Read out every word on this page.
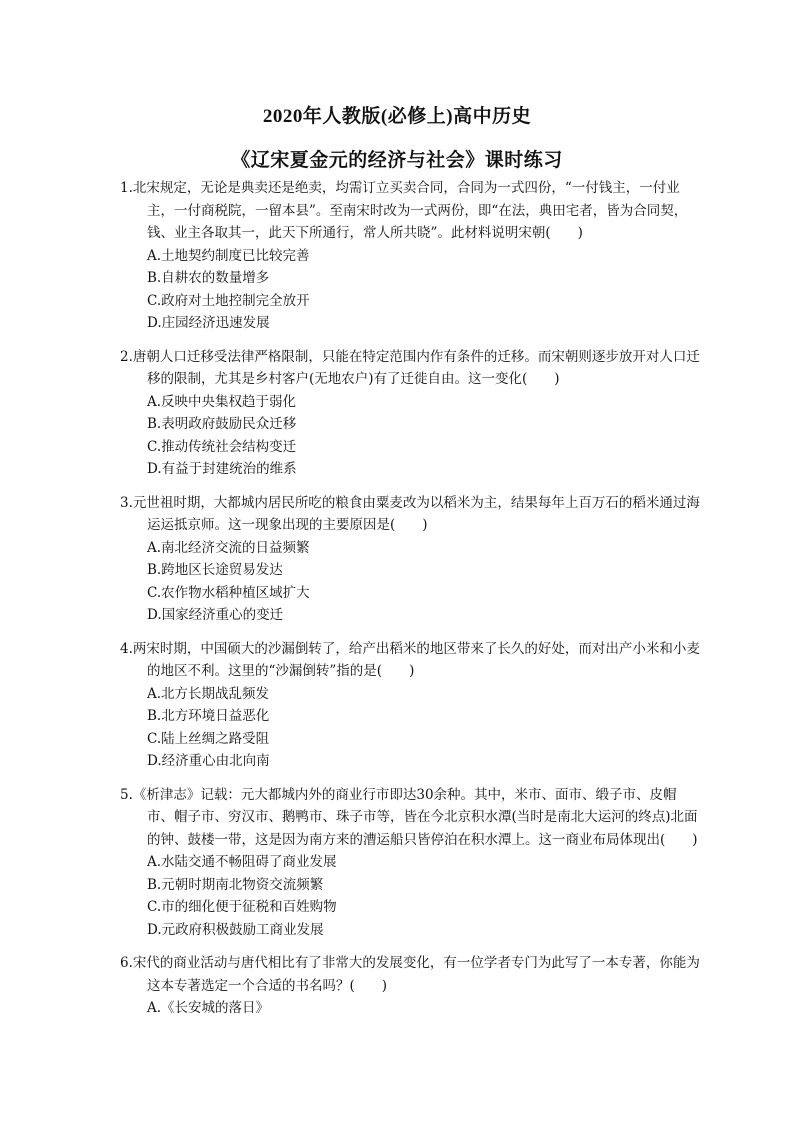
2020年人教版(必修上)高中历史
《辽宋夏金元的经济与社会》课时练习

1.北宋规定，无论是典卖还是绝卖，均需订立买卖合同，合同为一式四份，“一付钱主，一付业主，一付商税院，一留本县”。至南宋时改为一式两份，即“在法，典田宅者，皆为合同契，钱、业主各取其一，此天下所通行，常人所共晓”。此材料说明宋朝(　　)

A.土地契约制度已比较完善

B.自耕农的数量增多

C.政府对土地控制完全放开

D.庄园经济迅速发展

2.唐朝人口迁移受法律严格限制，只能在特定范围内作有条件的迁移。而宋朝则逐步放开对人口迁移的限制，尤其是乡村客户(无地农户)有了迁徙自由。这一变化(　　)

A.反映中央集权趋于弱化

B.表明政府鼓励民众迁移

C.推动传统社会结构变迁

D.有益于封建统治的维系

3.元世祖时期，大都城内居民所吃的粮食由粟麦改为以稻米为主，结果每年上百万石的稻米通过海运运抵京师。这一现象出现的主要原因是(　　)

A.南北经济交流的日益频繁

B.跨地区长途贸易发达

C.农作物水稻种植区域扩大

D.国家经济重心的变迁

4.两宋时期，中国硕大的沙漏倒转了，给产出稻米的地区带来了长久的好处，而对出产小米和小麦的地区不利。这里的“沙漏倒转”指的是(　　)

A.北方长期战乱频发

B.北方环境日益恶化

C.陆上丝绸之路受阻

D.经济重心由北向南

5.《析津志》记载：元大都城内外的商业行市即达30余种。其中，米市、面市、缎子市、皮帽市、帽子市、穷汉市、鹅鸭市、珠子市等，皆在今北京积水潭(当时是南北大运河的终点)北面的钟、鼓楼一带，这是因为南方来的漕运船只皆停泊在积水潭上。这一商业布局体现出(　　)

A.水陆交通不畅阻碍了商业发展

B.元朝时期南北物资交流频繁

C.市的细化便于征税和百姓购物

D.元政府积极鼓励工商业发展

6.宋代的商业活动与唐代相比有了非常大的发展变化，有一位学者专门为此写了一本专著，你能为这本专著选定一个合适的书名吗？(　　)

A.《长安城的落日》
